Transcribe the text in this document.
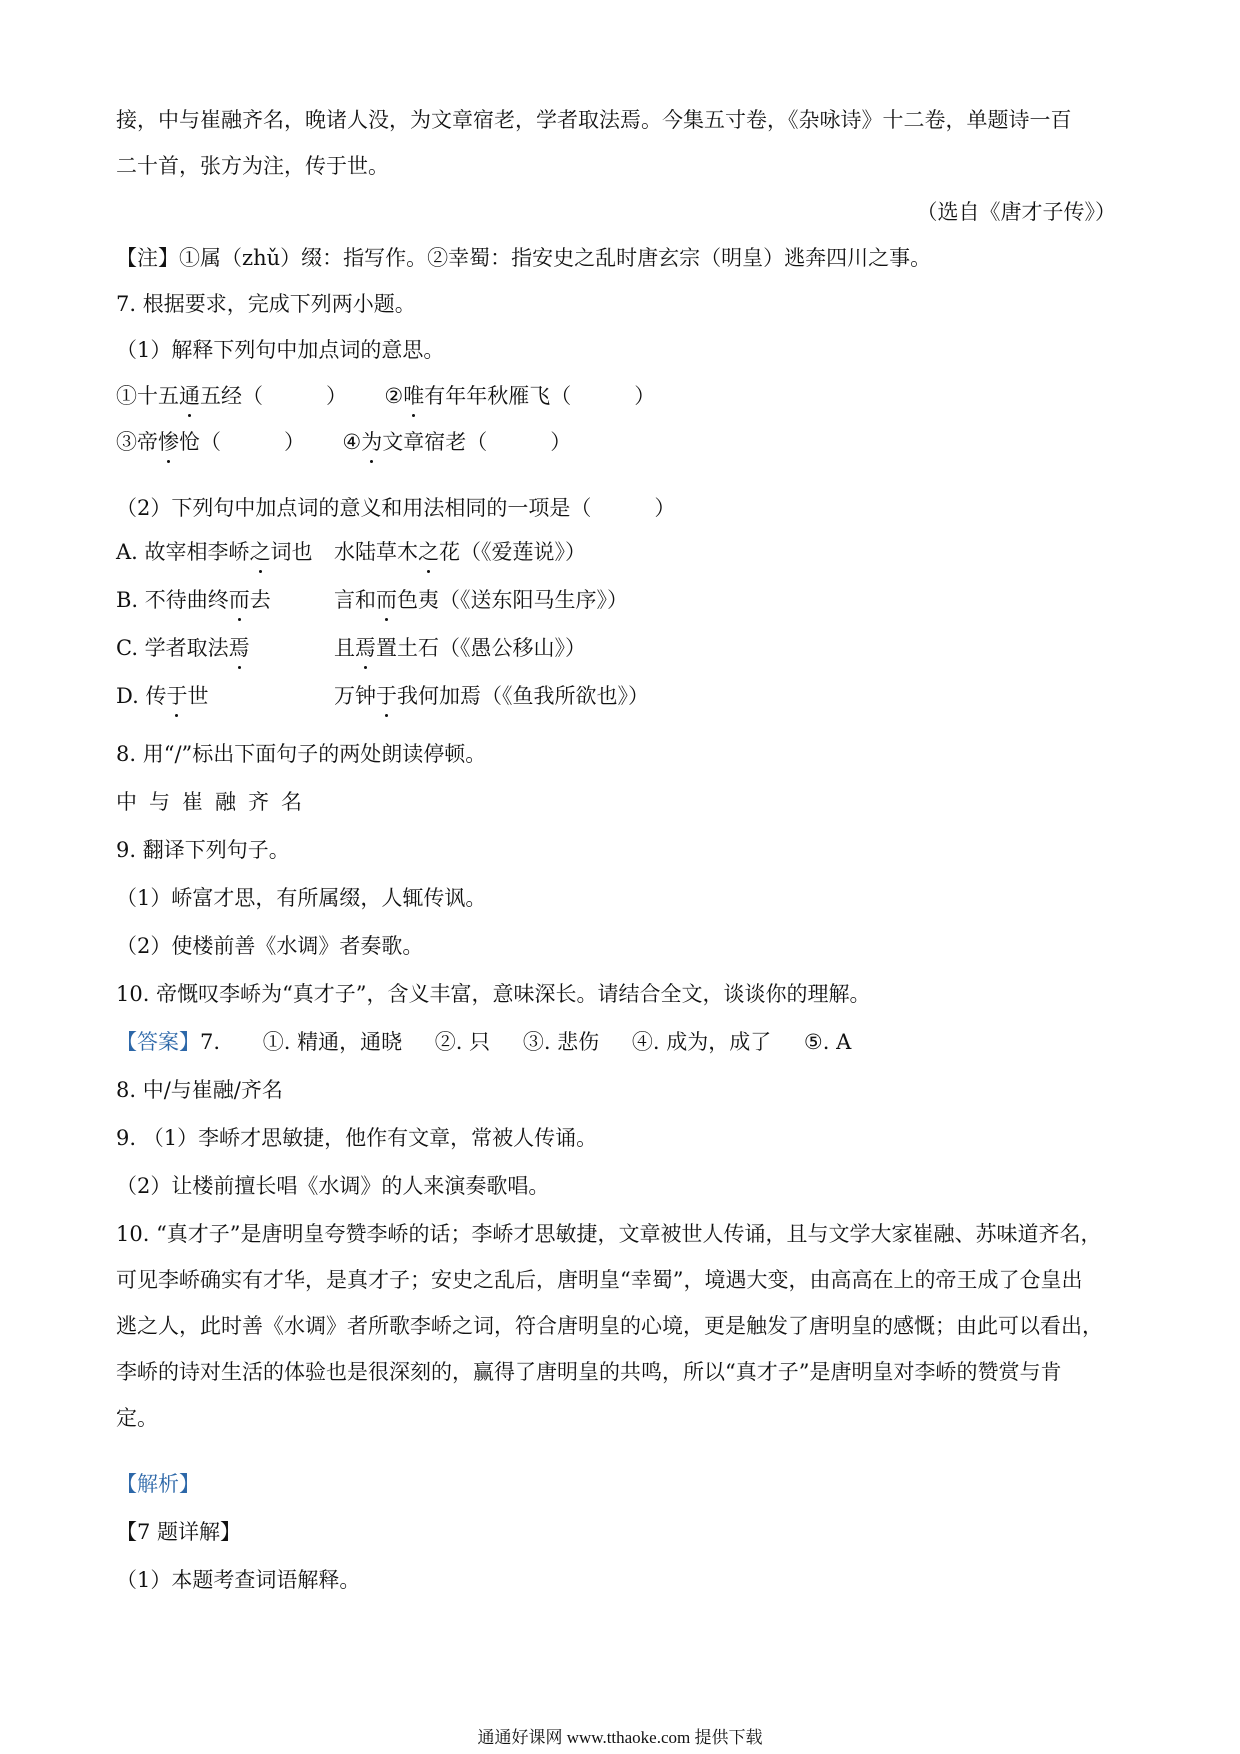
接，中与崔融齐名，晚诸人没，为文章宿老，学者取法焉。今集五寸卷，《杂咏诗》十二卷，单题诗一百
二十首，张方为注，传于世。
（选自《唐才子传》）
【注】①属（zhǔ）缀：指写作。②幸蜀：指安史之乱时唐玄宗（明皇）逃奔四川之事。
7. 根据要求，完成下列两小题。
（1）解释下列句中加点词的意思。
①十五通五经（　　　） ②唯有年年秋雁飞（　　　）
③帝惨怆（　　　） ④为文章宿老（　　　）
（2）下列句中加点词的意义和用法相同的一项是（　　　）
A. 故宰相李峤之词也 水陆草木之花（《爱莲说》）
B. 不待曲终而去	言和而色夷（《送东阳马生序》）
C. 学者取法焉	且焉置土石（《愚公移山》）
D. 传于世	万钟于我何加焉（《鱼我所欲也》）
8. 用“/”标出下面句子的两处朗读停顿。
中与崔融齐名
9. 翻译下列句子。
（1）峤富才思，有所属缀，人辄传讽。
（2）使楼前善《水调》者奏歌。
10. 帝慨叹李峤为“真才子”，含义丰富，意味深长。请结合全文，谈谈你的理解。
【答案】7. ①. 精通，通晓 ②. 只 ③. 悲伤 ④. 成为，成了 ⑤. A
8. 中/与崔融/齐名
9. （1）李峤才思敏捷，他作有文章，常被人传诵。
（2）让楼前擅长唱《水调》的人来演奏歌唱。
10. “真才子”是唐明皇夸赞李峤的话；李峤才思敏捷，文章被世人传诵，且与文学大家崔融、苏味道齐名，
可见李峤确实有才华，是真才子；安史之乱后，唐明皇“幸蜀”，境遇大变，由高高在上的帝王成了仓皇出
逃之人，此时善《水调》者所歌李峤之词，符合唐明皇的心境，更是触发了唐明皇的感慨；由此可以看出，
李峤的诗对生活的体验也是很深刻的，赢得了唐明皇的共鸣，所以“真才子”是唐明皇对李峤的赞赏与肯
定。
【解析】
【7 题详解】
（1）本题考查词语解释。
通通好课网 www.tthaoke.com 提供下载
